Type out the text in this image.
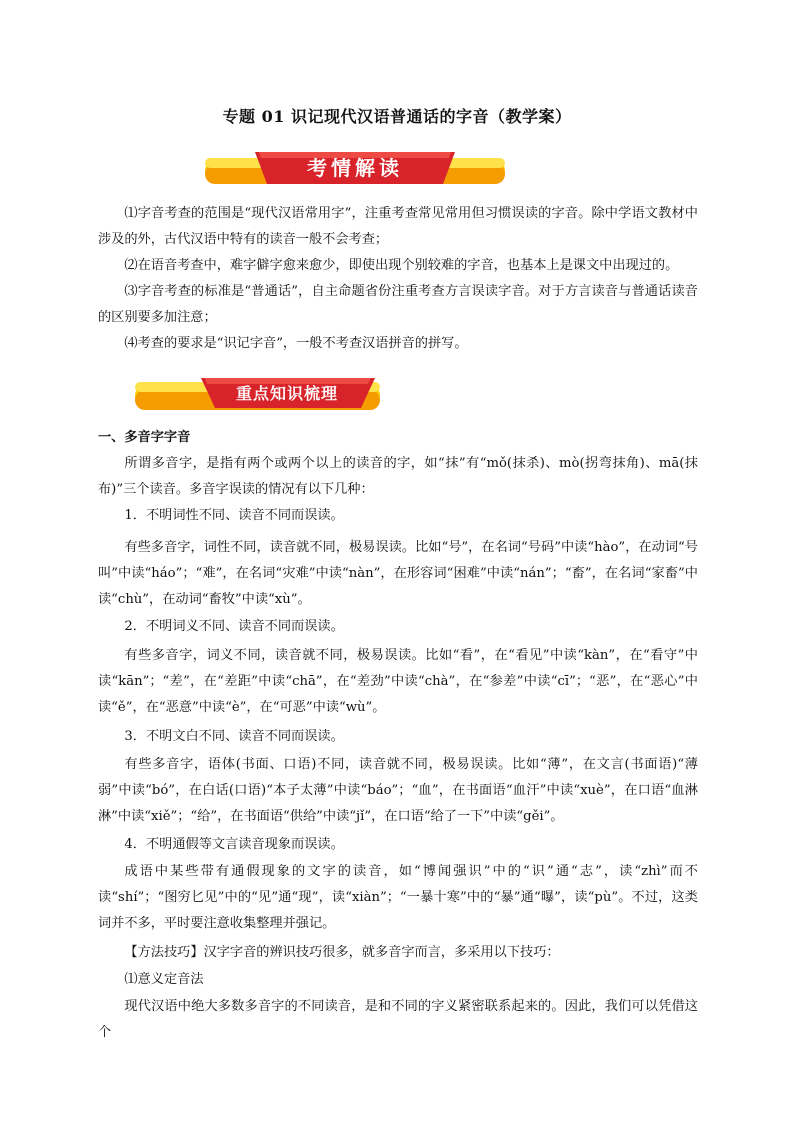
专题 01 识记现代汉语普通话的字音（教学案）
考情解读
⑴字音考查的范围是“现代汉语常用字”，注重考查常见常用但习惯误读的字音。除中学语文教材中涉及的外，古代汉语中特有的读音一般不会考查；
⑵在语音考查中，难字僻字愈来愈少，即使出现个别较难的字音，也基本上是课文中出现过的。
⑶字音考查的标准是“普通话”，自主命题省份注重考查方言误读字音。对于方言读音与普通话读音的区别要多加注意；
⑷考查的要求是“识记字音”，一般不考查汉语拼音的拼写。
重点知识梳理
一、多音字字音
所谓多音字，是指有两个或两个以上的读音的字，如“抹”有“mǒ(抹杀)、mò(拐弯抹角)、mā(抹布)”三个读音。多音字误读的情况有以下几种：
1．不明词性不同、读音不同而误读。
有些多音字，词性不同，读音就不同，极易误读。比如“号”，在名词“号码”中读“hào”，在动词“号叫”中读“háo”；“难”，在名词“灾难”中读“nàn”，在形容词“困难”中读“nán”；“畜”，在名词“家畜”中读“chù”，在动词“畜牧”中读“xù”。
2．不明词义不同、读音不同而误读。
有些多音字，词义不同，读音就不同，极易误读。比如“看”，在“看见”中读“kàn”，在“看守”中读“kān”；“差”，在“差距”中读“chā”，在“差劲”中读“chà”，在“参差”中读“cī”；“恶”，在“恶心”中读“ě”，在“恶意”中读“è”，在“可恶”中读“wù”。
3．不明文白不同、读音不同而误读。
有些多音字，语体(书面、口语)不同，读音就不同，极易误读。比如“薄”，在文言(书面语)“薄弱”中读“bó”，在白话(口语)“本子太薄”中读“báo”；“血”，在书面语“血汗”中读“xuè”，在口语“血淋淋”中读“xiě”；“给”，在书面语“供给”中读“jǐ”，在口语“给了一下”中读“gěi”。
4．不明通假等文言读音现象而误读。
成语中某些带有通假现象的文字的读音，如“博闻强识”中的“识”通“志”，读“zhì”而不读“shí”；“图穷匕见”中的“见”通“现”，读“xiàn”；“一暴十寒”中的“暴”通“曝”，读“pù”。不过，这类词并不多，平时要注意收集整理并强记。
【方法技巧】汉字字音的辨识技巧很多，就多音字而言，多采用以下技巧：
⑴意义定音法
现代汉语中绝大多数多音字的不同读音，是和不同的字义紧密联系起来的。因此，我们可以凭借这个
